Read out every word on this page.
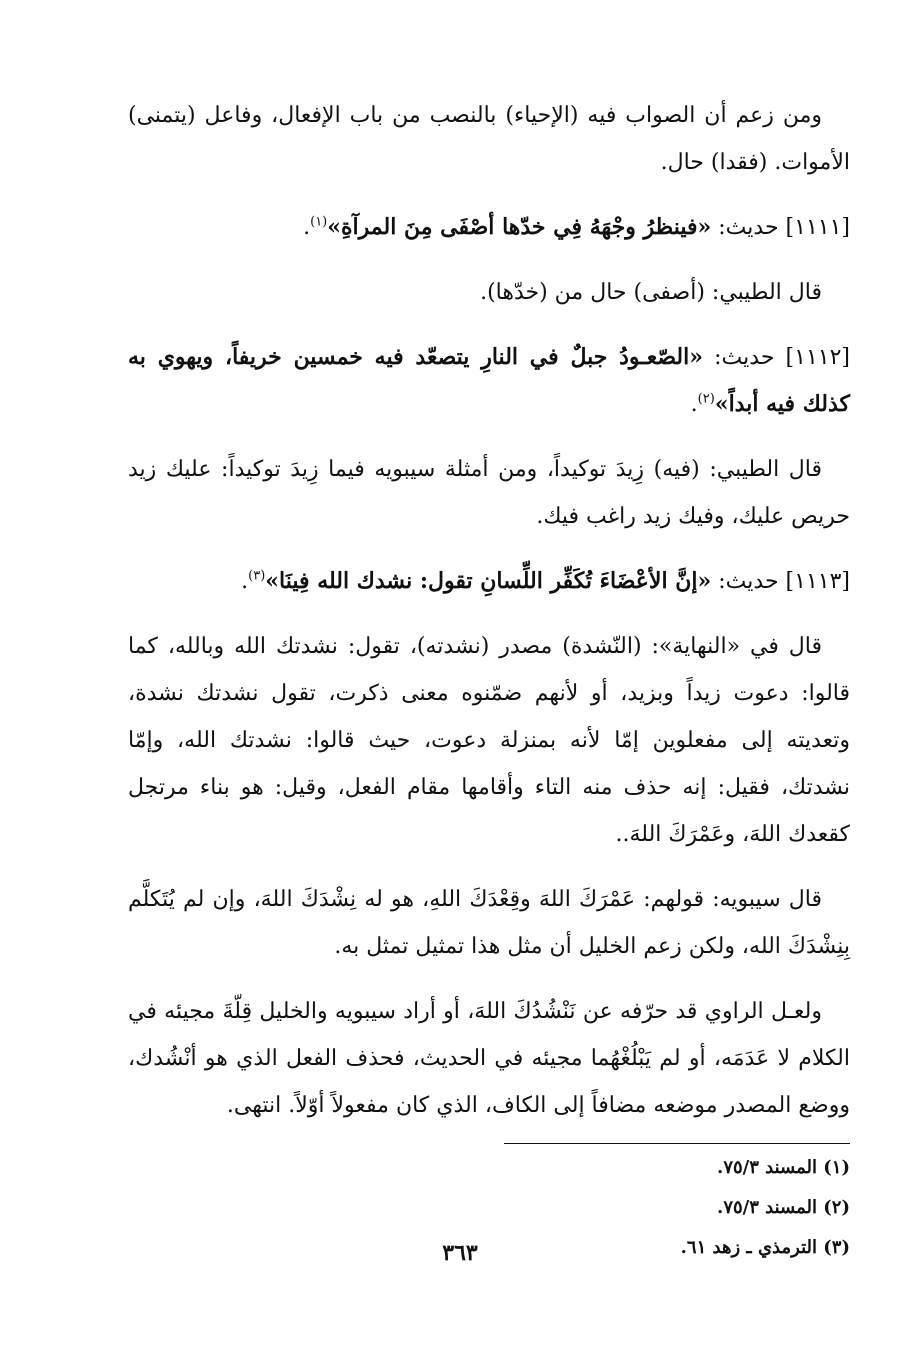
ومن زعم أن الصواب فيه (الإحياء) بالنصب من باب الإفعال، وفاعل (يتمنى) الأموات. (فقدا) حال.

[١١١١] حديث: «فينظرُ وجْهَهُ فِي خدّها أصْفَى مِنَ المرآةِ»$^{(١)}$.

قال الطيبي: (أصفى) حال من (خدّها).

[١١١٢] حديث: «الصّعـودُ جبلٌ في النارِ يتصعّد فيه خمسين خريفاً، ويهوي به كذلك فيه أبداً»$^{(٢)}$.

قال الطيبي: (فيه) زِيدَ توكيداً، ومن أمثلة سيبويه فيما زِيدَ توكيداً: عليك زيد حريص عليك، وفيك زيد راغب فيك.

[١١١٣] حديث: «إنَّ الأعْضَاءَ تُكَفِّر اللِّسانِ تقول: نشدك الله فِينَا»$^{(٣)}$.

قال في «النهاية»: (النّشدة) مصدر (نشدته)، تقول: نشدتك الله وبالله، كما قالوا: دعوت زيداً وبزيد، أو لأنهم ضمّنوه معنى ذكرت، تقول نشدتك نشدة، وتعديته إلى مفعلوين إمّا لأنه بمنزلة دعوت، حيث قالوا: نشدتك الله، وإمّا نشدتك، فقيل: إنه حذف منه التاء وأقامها مقام الفعل، وقيل: هو بناء مرتجل كقعدك اللهَ، وعَمْرَكَ اللهَ..

قال سيبويه: قولهم: عَمْرَكَ اللهَ وقِعْدَكَ اللهِ، هو له نِشْدَكَ اللهَ، وإن لم يُتَكلَّم بِنِشْدَكَ الله، ولكن زعم الخليل أن مثل هذا تمثيل تمثل به.

ولعـل الراوي قد حرّفه عن نَنْشُدُكَ اللهَ، أو أراد سيبويه والخليل قِلّةَ مجيئه في الكلام لا عَدَمَه، أو لم يَبْلُغْهُما مجيئه في الحديث، فحذف الفعل الذي هو أنْشُدك، ووضع المصدر موضعه مضافاً إلى الكاف، الذي كان مفعولاً أوّلاً. انتهى.

(١) المسند ٧٥/٣.
(٢) المسند ٧٥/٣.
(٣) الترمذي ـ زهد ٦١.
٣٦٣
